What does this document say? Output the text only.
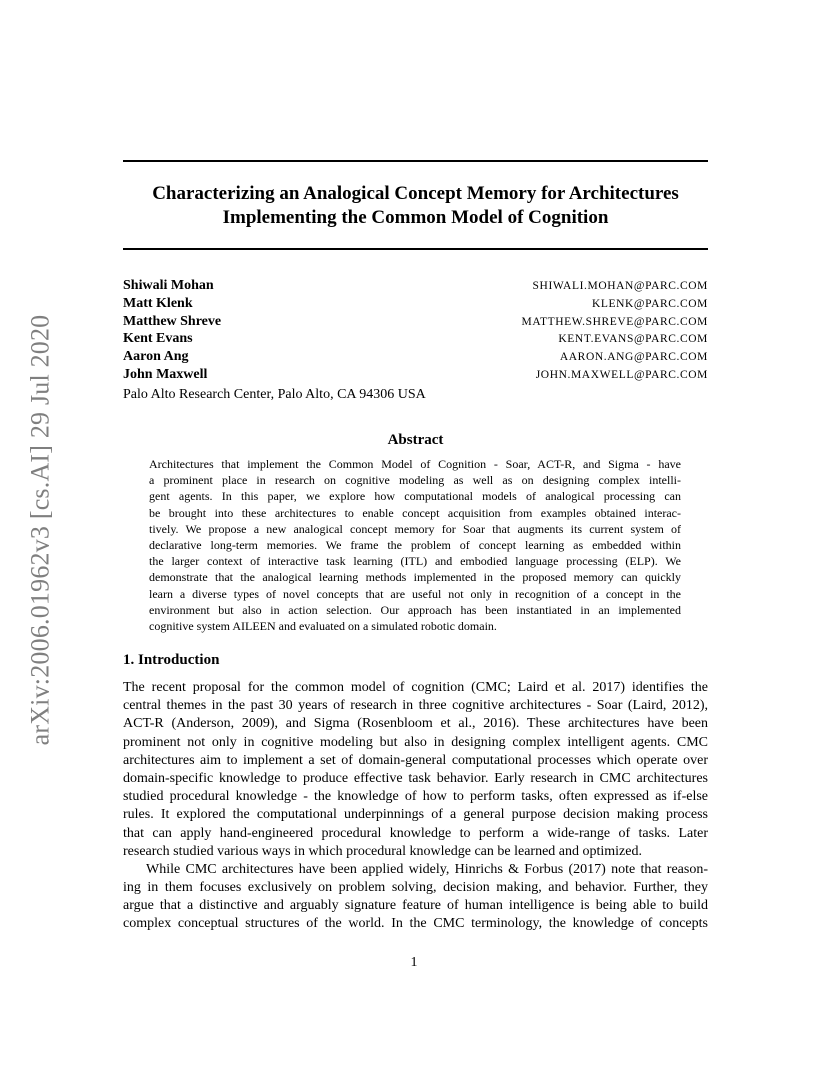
arXiv:2006.01962v3 [cs.AI] 29 Jul 2020
Characterizing an Analogical Concept Memory for Architectures
Implementing the Common Model of Cognition
Shiwali Mohan	SHIWALI.MOHAN@PARC.COM
Matt Klenk	KLENK@PARC.COM
Matthew Shreve	MATTHEW.SHREVE@PARC.COM
Kent Evans	KENT.EVANS@PARC.COM
Aaron Ang	AARON.ANG@PARC.COM
John Maxwell	JOHN.MAXWELL@PARC.COM
Palo Alto Research Center, Palo Alto, CA 94306 USA
Abstract
Architectures that implement the Common Model of Cognition - Soar, ACT-R, and Sigma - have
a prominent place in research on cognitive modeling as well as on designing complex intelli-
gent agents. In this paper, we explore how computational models of analogical processing can
be brought into these architectures to enable concept acquisition from examples obtained interac-
tively. We propose a new analogical concept memory for Soar that augments its current system of
declarative long-term memories. We frame the problem of concept learning as embedded within
the larger context of interactive task learning (ITL) and embodied language processing (ELP). We
demonstrate that the analogical learning methods implemented in the proposed memory can quickly
learn a diverse types of novel concepts that are useful not only in recognition of a concept in the
environment but also in action selection. Our approach has been instantiated in an implemented
cognitive system AILEEN and evaluated on a simulated robotic domain.
1. Introduction
The recent proposal for the common model of cognition (CMC; Laird et al. 2017) identifies the
central themes in the past 30 years of research in three cognitive architectures - Soar (Laird, 2012),
ACT-R (Anderson, 2009), and Sigma (Rosenbloom et al., 2016). These architectures have been
prominent not only in cognitive modeling but also in designing complex intelligent agents. CMC
architectures aim to implement a set of domain-general computational processes which operate over
domain-specific knowledge to produce effective task behavior. Early research in CMC architectures
studied procedural knowledge - the knowledge of how to perform tasks, often expressed as if-else
rules. It explored the computational underpinnings of a general purpose decision making process
that can apply hand-engineered procedural knowledge to perform a wide-range of tasks. Later
research studied various ways in which procedural knowledge can be learned and optimized.
While CMC architectures have been applied widely, Hinrichs & Forbus (2017) note that reason-
ing in them focuses exclusively on problem solving, decision making, and behavior. Further, they
argue that a distinctive and arguably signature feature of human intelligence is being able to build
complex conceptual structures of the world. In the CMC terminology, the knowledge of concepts
1
